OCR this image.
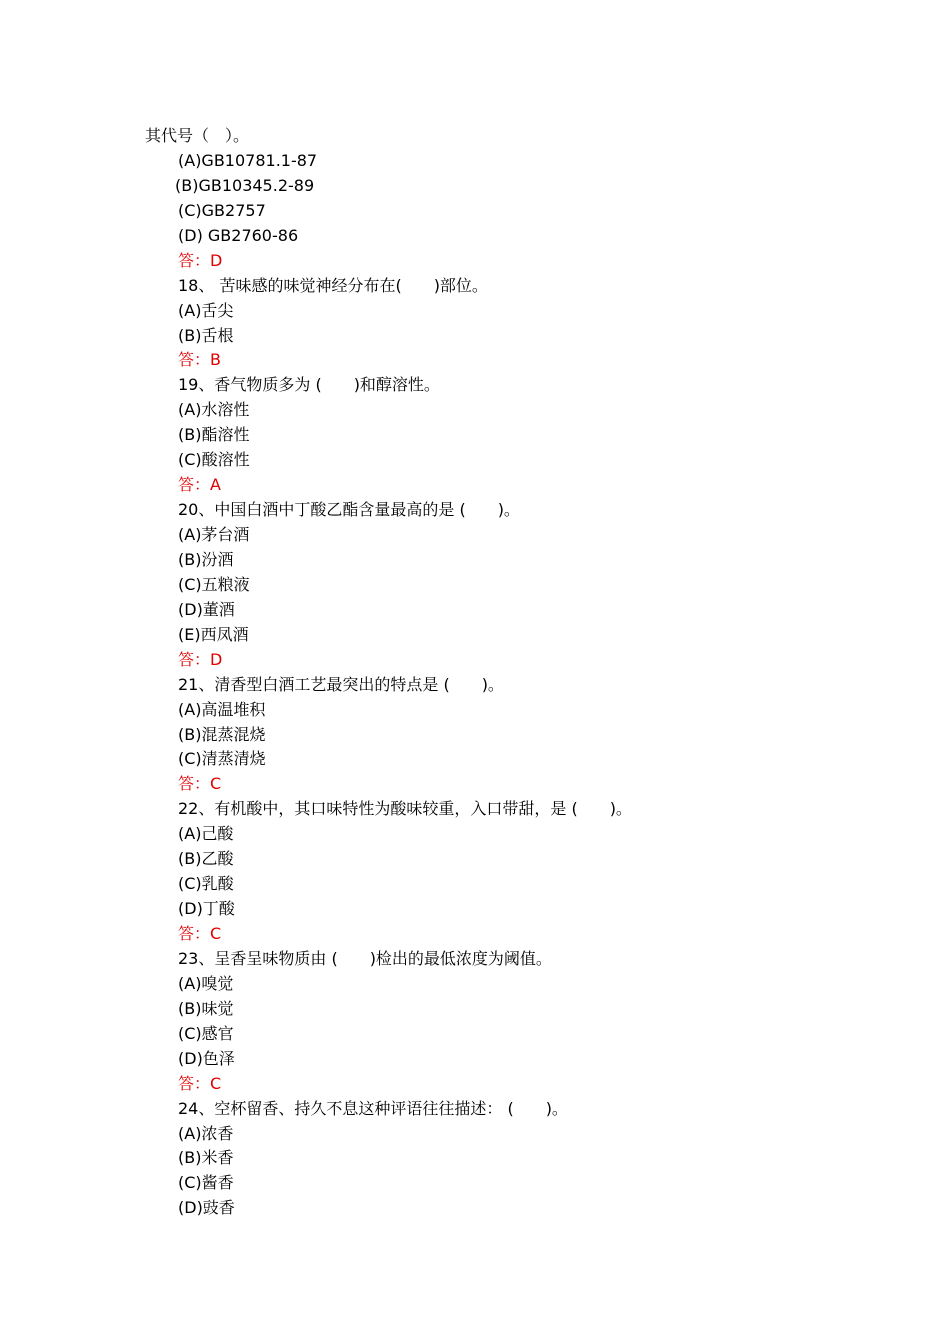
其代号（　）。
(A)GB10781.1-87
(B)GB10345.2-89
(C)GB2757
(D) GB2760-86
答：D
18、 苦味感的味觉神经分布在(　　)部位。
(A)舌尖
(B)舌根
答：B
19、香气物质多为 (　　)和醇溶性。
(A)水溶性
(B)酯溶性
(C)酸溶性
答：A
20、中国白酒中丁酸乙酯含量最高的是 (　　)。
(A)茅台酒
(B)汾酒
(C)五粮液
(D)董酒
(E)西凤酒
答：D
21、清香型白酒工艺最突出的特点是 (　　)。
(A)高温堆积
(B)混蒸混烧
(C)清蒸清烧
答：C
22、有机酸中，其口味特性为酸味较重，入口带甜，是 (　　)。
(A)己酸
(B)乙酸
(C)乳酸
(D)丁酸
答：C
23、呈香呈味物质由 (　　)检出的最低浓度为阈值。
(A)嗅觉
(B)味觉
(C)感官
(D)色泽
答：C
24、空杯留香、持久不息这种评语往往描述： (　　)。
(A)浓香
(B)米香
(C)酱香
(D)豉香
